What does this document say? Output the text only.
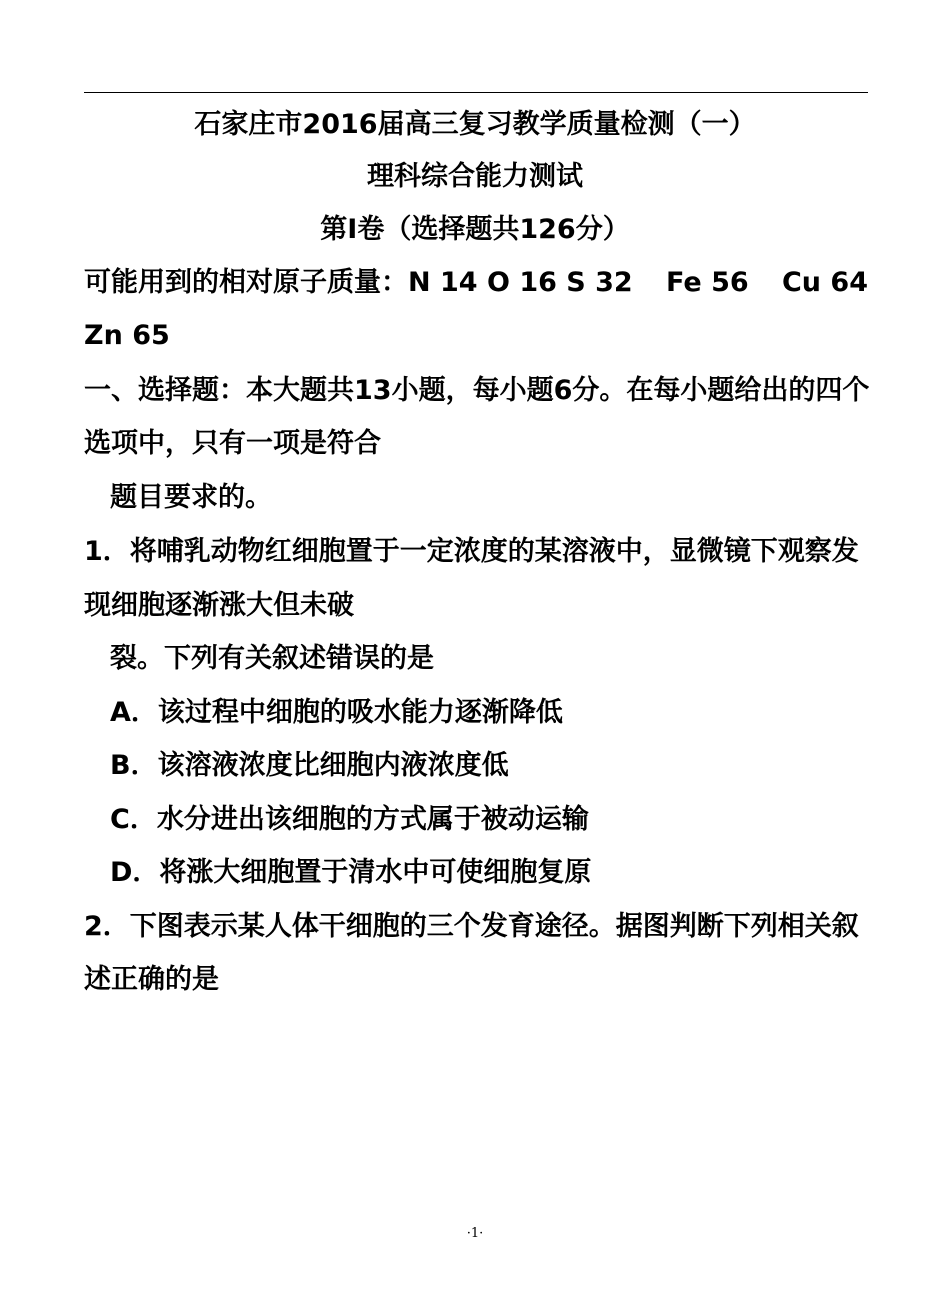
石家庄市2016届高三复习教学质量检测（一）
理科综合能力测试
第Ⅰ卷（选择题共126分）
可能用到的相对原子质量：N 14 O 16 S 32 Fe 56 Cu 64
Zn 65
一、选择题：本大题共13小题，每小题6分。在每小题给出的四个
选项中，只有一项是符合
题目要求的。
1．将哺乳动物红细胞置于一定浓度的某溶液中，显微镜下观察发
现细胞逐渐涨大但未破
裂。下列有关叙述错误的是
A．该过程中细胞的吸水能力逐渐降低
B．该溶液浓度比细胞内液浓度低
C．水分进出该细胞的方式属于被动运输
D．将涨大细胞置于清水中可使细胞复原
2．下图表示某人体干细胞的三个发育途径。据图判断下列相关叙
述正确的是
·1·
